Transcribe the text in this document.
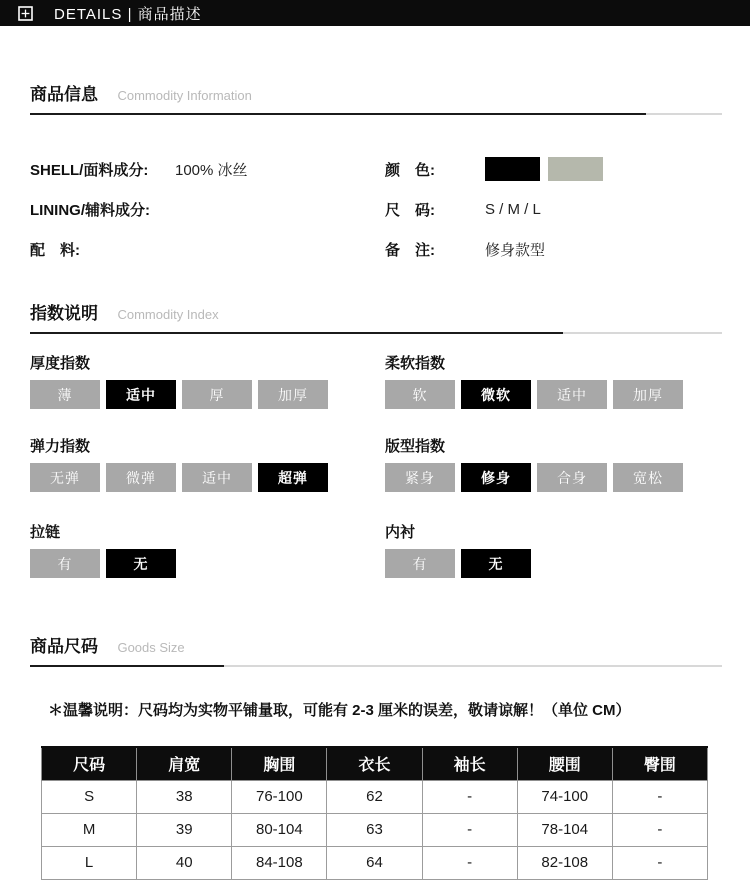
DETAILS | 商品描述
商品信息 Commodity Information
SHELL/面料成分:	100% 冰丝
LINING/辅料成分:
配　料:
颜　色:
尺　码:	S / M / L
备　注:	修身款型
指数说明 Commodity Index
厚度指数
薄	适中	厚	加厚
柔软指数
软	微软	适中	加厚
弹力指数
无弹	微弹	适中	超弹
版型指数
紧身	修身	合身	宽松
拉链
有	无
内衬
有	无
商品尺码 Goods Size
＊温馨说明：尺码均为实物平铺量取，可能有 2-3 厘米的误差，敬请谅解！（单位 CM）
尺码	肩宽	胸围	衣长	袖长	腰围	臀围
S	38	76-100	62	-	74-100	-
M	39	80-104	63	-	78-104	-
L	40	84-108	64	-	82-108	-
